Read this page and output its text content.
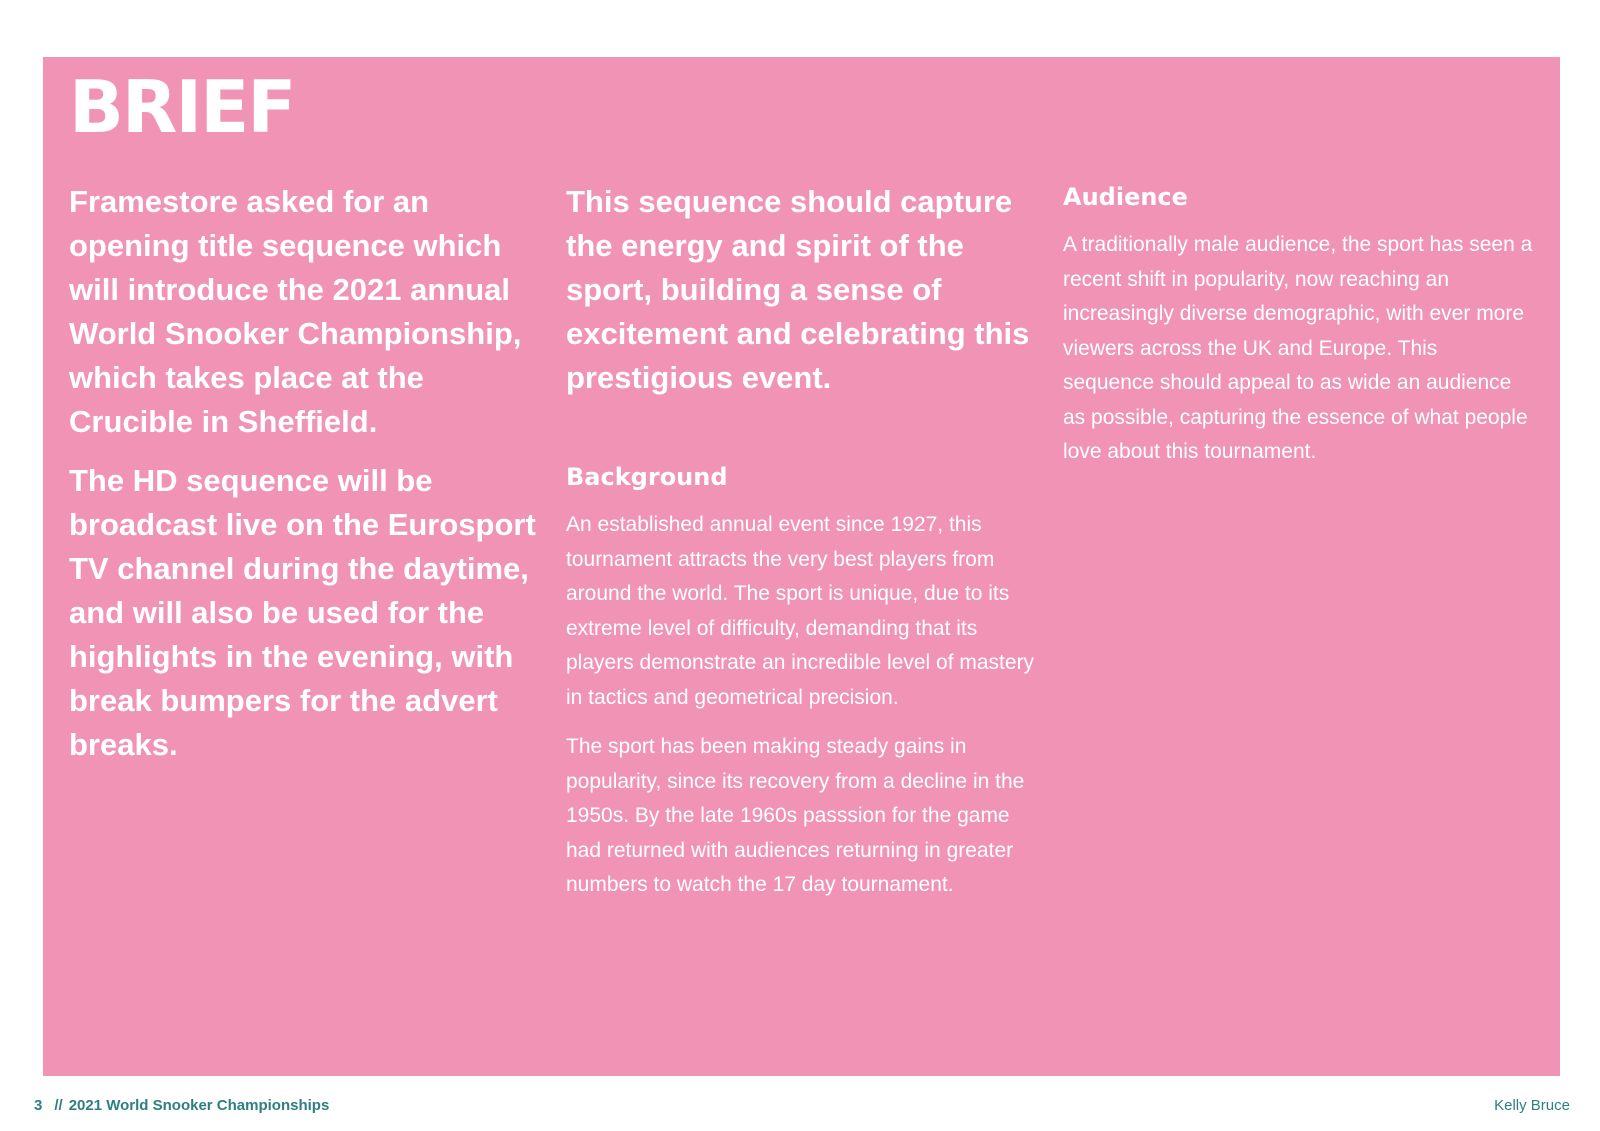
BRIEF

Framestore asked for an opening title sequence which will introduce the 2021 annual World Snooker Championship, which takes place at the Crucible in Sheffield.

The HD sequence will be broadcast live on the Eurosport TV channel during the daytime, and will also be used for the highlights in the evening, with break bumpers for the advert breaks.

This sequence should capture the energy and spirit of the sport, building a sense of excitement and celebrating this prestigious event.

Background

An established annual event since 1927, this tournament attracts the very best players from around the world. The sport is unique, due to its extreme level of difficulty, demanding that its players demonstrate an incredible level of mastery in tactics and geometrical precision.

The sport has been making steady gains in popularity, since its recovery from a decline in the 1950s. By the late 1960s passsion for the game had returned with audiences returning in greater numbers to watch the 17 day tournament.

Audience

A traditionally male audience, the sport has seen a recent shift in popularity, now reaching an increasingly diverse demographic, with ever more viewers across the UK and Europe. This sequence should appeal to as wide an audience as possible, capturing the essence of what people love about this tournament.

3 // 2021 World Snooker Championships	Kelly Bruce
